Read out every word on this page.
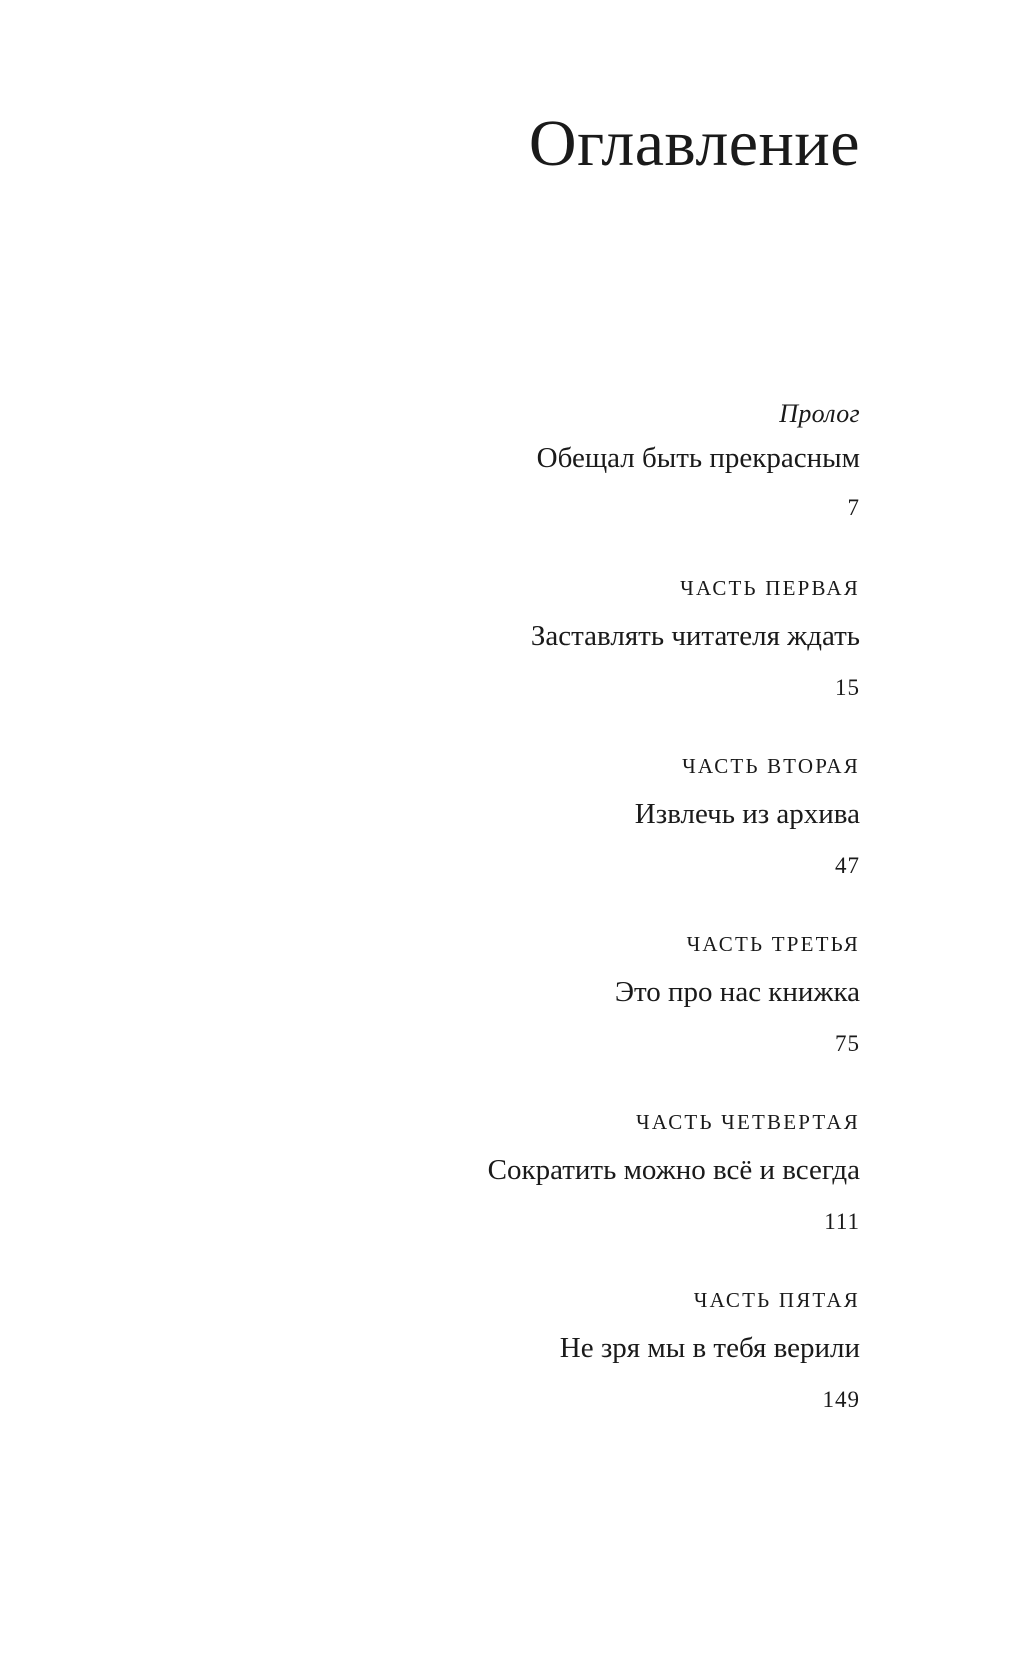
Оглавление
Пролог
Обещал быть прекрасным
7
ЧАСТЬ ПЕРВАЯ
Заставлять читателя ждать
15
ЧАСТЬ ВТОРАЯ
Извлечь из архива
47
ЧАСТЬ ТРЕТЬЯ
Это про нас книжка
75
ЧАСТЬ ЧЕТВЕРТАЯ
Сократить можно всё и всегда
111
ЧАСТЬ ПЯТАЯ
Не зря мы в тебя верили
149
